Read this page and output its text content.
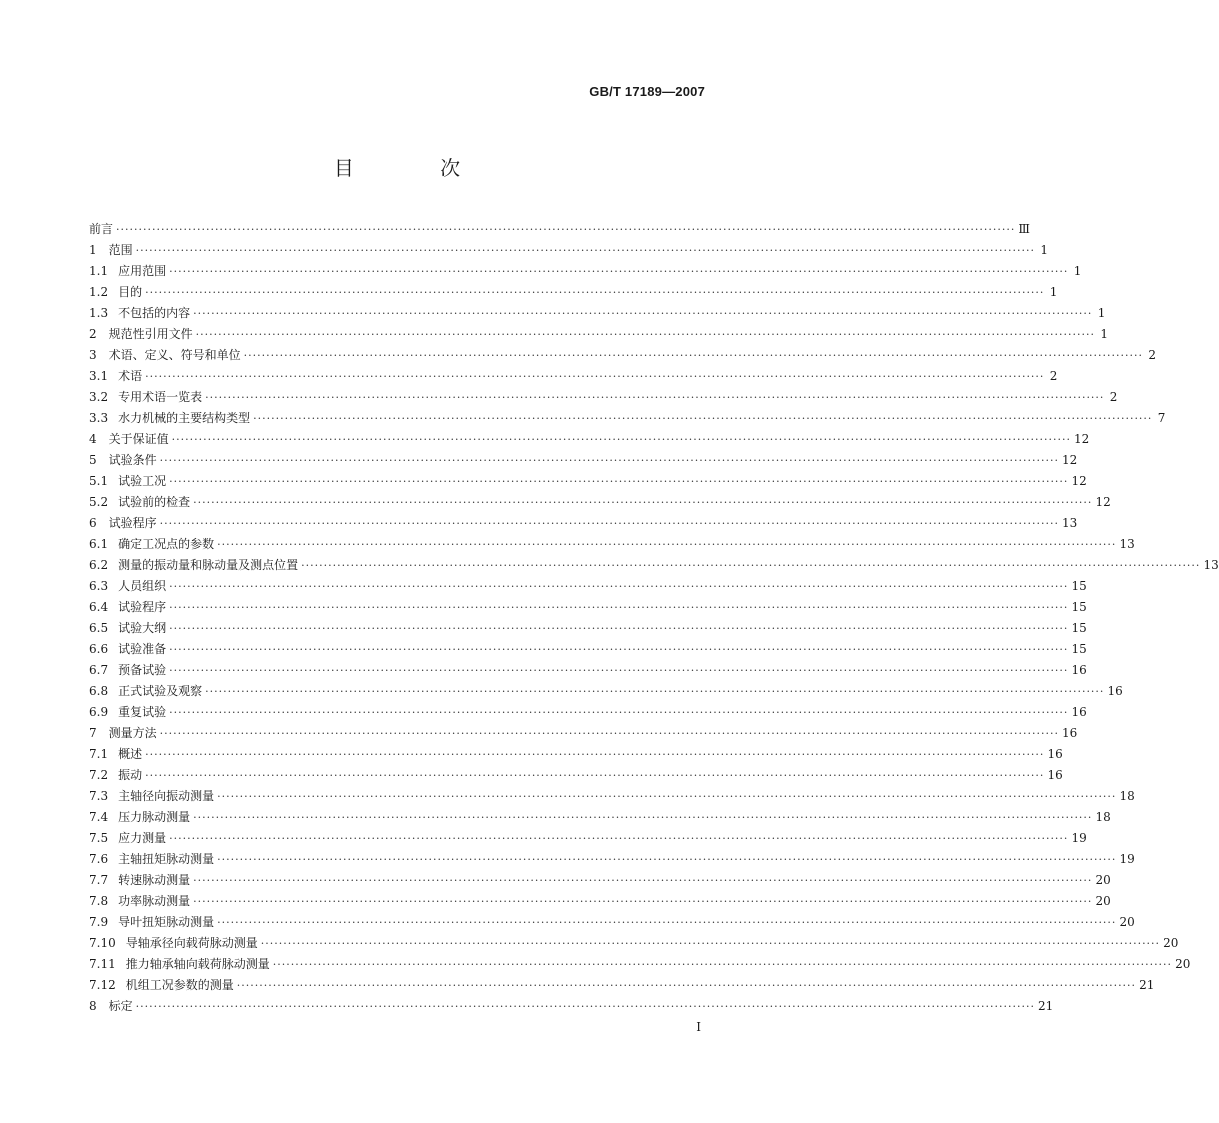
GB/T 17189—2007
目 次
前言 ········································································································································································································ Ⅲ
1	范围 ········································································································································································································ 1
1.1 应用范围 ········································································································································································································ 1
1.2 目的 ········································································································································································································ 1
1.3 不包括的内容 ········································································································································································································ 1
2	规范性引用文件 ········································································································································································································ 1
3	术语、定义、符号和单位 ········································································································································································································ 2
3.1 术语 ········································································································································································································ 2
3.2 专用术语一览表 ········································································································································································································ 2
3.3 水力机械的主要结构类型 ········································································································································································································ 7
4	关于保证值 ········································································································································································································ 12
5	试验条件 ········································································································································································································ 12
5.1 试验工况 ········································································································································································································ 12
5.2 试验前的检查 ········································································································································································································ 12
6	试验程序 ········································································································································································································ 13
6.1 确定工况点的参数 ········································································································································································································ 13
6.2 测量的振动量和脉动量及测点位置 ········································································································································································································ 13
6.3 人员组织 ········································································································································································································ 15
6.4 试验程序 ········································································································································································································ 15
6.5 试验大纲 ········································································································································································································ 15
6.6 试验准备 ········································································································································································································ 15
6.7 预备试验 ········································································································································································································ 16
6.8 正式试验及观察 ········································································································································································································ 16
6.9 重复试验 ········································································································································································································ 16
7	测量方法 ········································································································································································································ 16
7.1 概述 ········································································································································································································ 16
7.2 振动 ········································································································································································································ 16
7.3 主轴径向振动测量 ········································································································································································································ 18
7.4 压力脉动测量 ········································································································································································································ 18
7.5 应力测量 ········································································································································································································ 19
7.6 主轴扭矩脉动测量 ········································································································································································································ 19
7.7 转速脉动测量 ········································································································································································································ 20
7.8 功率脉动测量 ········································································································································································································ 20
7.9 导叶扭矩脉动测量 ········································································································································································································ 20
7.10 导轴承径向载荷脉动测量 ········································································································································································································ 20
7.11 推力轴承轴向载荷脉动测量 ········································································································································································································ 20
7.12 机组工况参数的测量 ········································································································································································································ 21
8	标定 ········································································································································································································ 21
I
